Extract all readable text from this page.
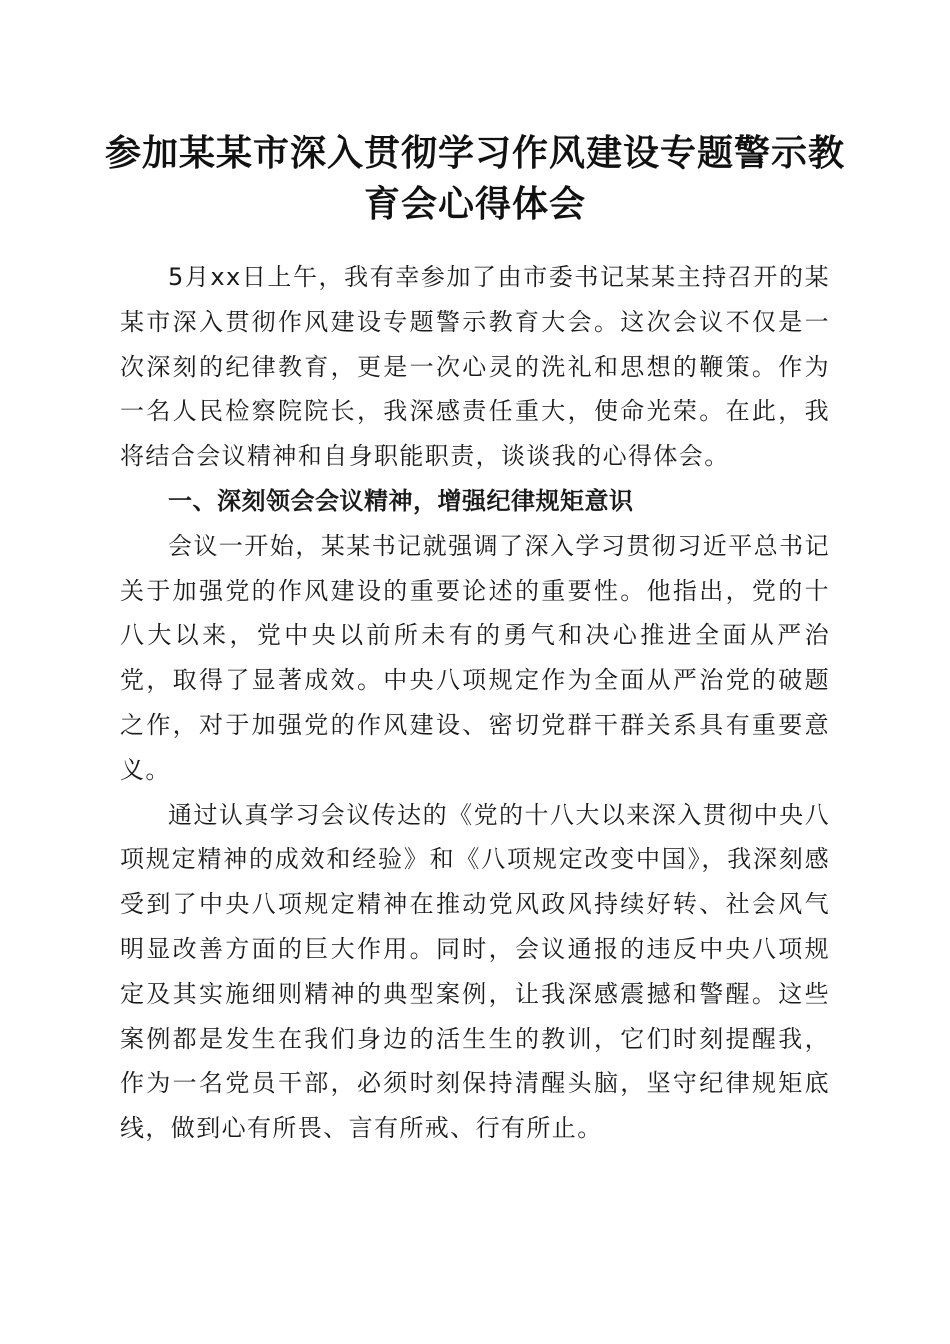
参加某某市深入贯彻学习作风建设专题警示教育会心得体会

5月xx日上午，我有幸参加了由市委书记某某主持召开的某某市深入贯彻作风建设专题警示教育大会。这次会议不仅是一次深刻的纪律教育，更是一次心灵的洗礼和思想的鞭策。作为一名人民检察院院长，我深感责任重大，使命光荣。在此，我将结合会议精神和自身职能职责，谈谈我的心得体会。

一、深刻领会会议精神，增强纪律规矩意识

会议一开始，某某书记就强调了深入学习贯彻习近平总书记关于加强党的作风建设的重要论述的重要性。他指出，党的十八大以来，党中央以前所未有的勇气和决心推进全面从严治党，取得了显著成效。中央八项规定作为全面从严治党的破题之作，对于加强党的作风建设、密切党群干群关系具有重要意义。

通过认真学习会议传达的《党的十八大以来深入贯彻中央八项规定精神的成效和经验》和《八项规定改变中国》，我深刻感受到了中央八项规定精神在推动党风政风持续好转、社会风气明显改善方面的巨大作用。同时，会议通报的违反中央八项规定及其实施细则精神的典型案例，让我深感震撼和警醒。这些案例都是发生在我们身边的活生生的教训，它们时刻提醒我，作为一名党员干部，必须时刻保持清醒头脑，坚守纪律规矩底线，做到心有所畏、言有所戒、行有所止。
